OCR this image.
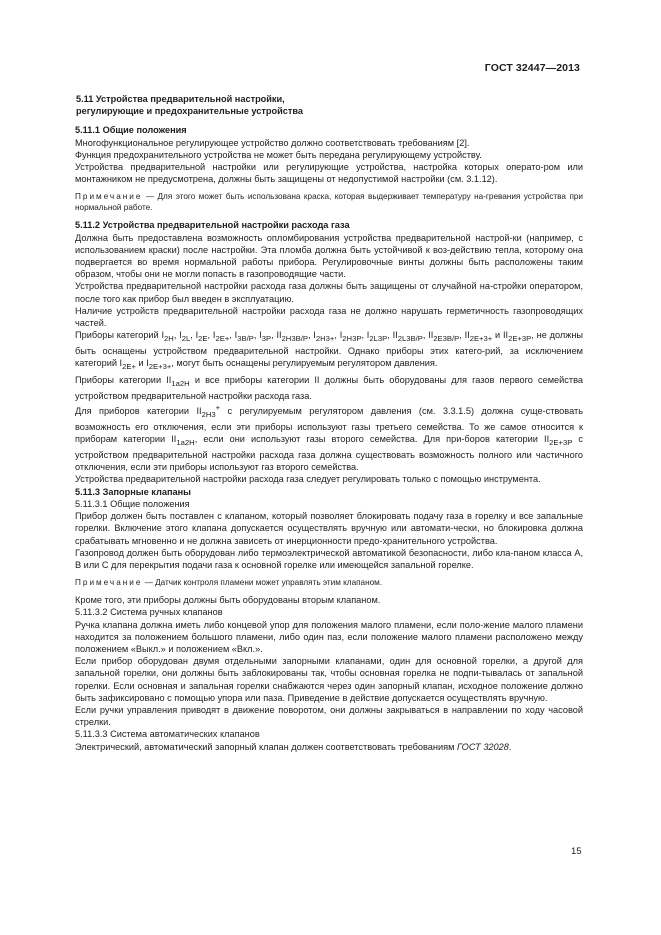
ГОСТ 32447—2013

5.11 Устройства предварительной настройки,

регулирующие и предохранительные устройства

5.11.1 Общие положения

Многофункциональное регулирующее устройство должно соответствовать требованиям [2].

Функция предохранительного устройства не может быть передана регулирующему устройству.

Устройства предварительной настройки или регулирующие устройства, настройка которых операто-ром или монтажником не предусмотрена, должны быть защищены от недопустимой настройки (см. 3.1.12).

Примечание — Для этого может быть использована краска, которая выдерживает температуру на-гревания устройства при нормальной работе.

5.11.2 Устройства предварительной настройки расхода газа

Должна быть предоставлена возможность опломбирования устройства предварительной настрой-ки (например, с использованием краски) после настройки. Эта пломба должна быть устойчивой к воз-действию тепла, которому она подвергается во время нормальной работы прибора. Регулировочные винты должны быть расположены таким образом, чтобы они не могли попасть в газопроводящие части.

Устройства предварительной настройки расхода газа должны быть защищены от случайной на-стройки оператором, после того как прибор был введен в эксплуатацию.

Наличие устройств предварительной настройки расхода газа не должно нарушать герметичность газопроводящих частей.

Приборы категорий $I_{2H}$, $I_{2L}$, $I_{2E}$, $I_{2E+}$, $I_{3B/P}$, $I_{3P}$, $II_{2H3B/P}$, $I_{2H3+}$, $I_{2H3P}$, $I_{2L3P}$, $II_{2L3B/P}$, $II_{2E3B/P}$, $II_{2E+3+}$ и $II_{2E+3P}$, не должны быть оснащены устройством предварительной настройки. Однако приборы этих катего-рий, за исключением категорий $I_{2E+}$ и $I_{2E+3+}$, могут быть оснащены регулируемым регулятором давления.

Приборы категории $II_{1a2H}$ и все приборы категории II должны быть оборудованы для газов первого семейства устройством предварительной настройки расхода газа.

Для приборов категории $II_{2H3}^+$ с регулируемым регулятором давления (см. 3.3.1.5) должна суще-ствовать возможность его отключения, если эти приборы используют газы третьего семейства. То же самое относится к приборам категории $II_{1a2H}$, если они используют газы второго семейства. Для при-боров категории $II_{2E+3P}$ с устройством предварительной настройки расхода газа должна существовать возможность полного или частичного отключения, если эти приборы используют газ второго семейства.

Устройства предварительной настройки расхода газа следует регулировать только с помощью инструмента.

5.11.3 Запорные клапаны

5.11.3.1 Общие положения

Прибор должен быть поставлен с клапаном, который позволяет блокировать подачу газа в горелку и все запальные горелки. Включение этого клапана допускается осуществлять вручную или автомати-чески, но блокировка должна срабатывать мгновенно и не должна зависеть от инерционности предо-хранительного устройства.

Газопровод должен быть оборудован либо термоэлектрической автоматикой безопасности, либо кла-паном класса А, В или С для перекрытия подачи газа к основной горелке или имеющейся запальной горелке.

Примечание — Датчик контроля пламени может управлять этим клапаном.

Кроме того, эти приборы должны быть оборудованы вторым клапаном.

5.11.3.2 Система ручных клапанов

Ручка клапана должна иметь либо концевой упор для положения малого пламени, если поло-жение малого пламени находится за положением большого пламени, либо один паз, если положение малого пламени расположено между положением «Выкл.» и положением «Вкл.».

Если прибор оборудован двумя отдельными запорными клапанами, один для основной горелки, а другой для запальной горелки, они должны быть заблокированы так, чтобы основная горелка не подпи-тывалась от запальной горелки. Если основная и запальная горелки снабжаются через один запорный клапан, исходное положение должно быть зафиксировано с помощью упора или паза. Приведение в действие допускается осуществлять вручную.

Если ручки управления приводят в движение поворотом, они должны закрываться в направлении по ходу часовой стрелки.

5.11.3.3 Система автоматических клапанов

Электрический, автоматический запорный клапан должен соответствовать требованиям ГОСТ 32028.

15
